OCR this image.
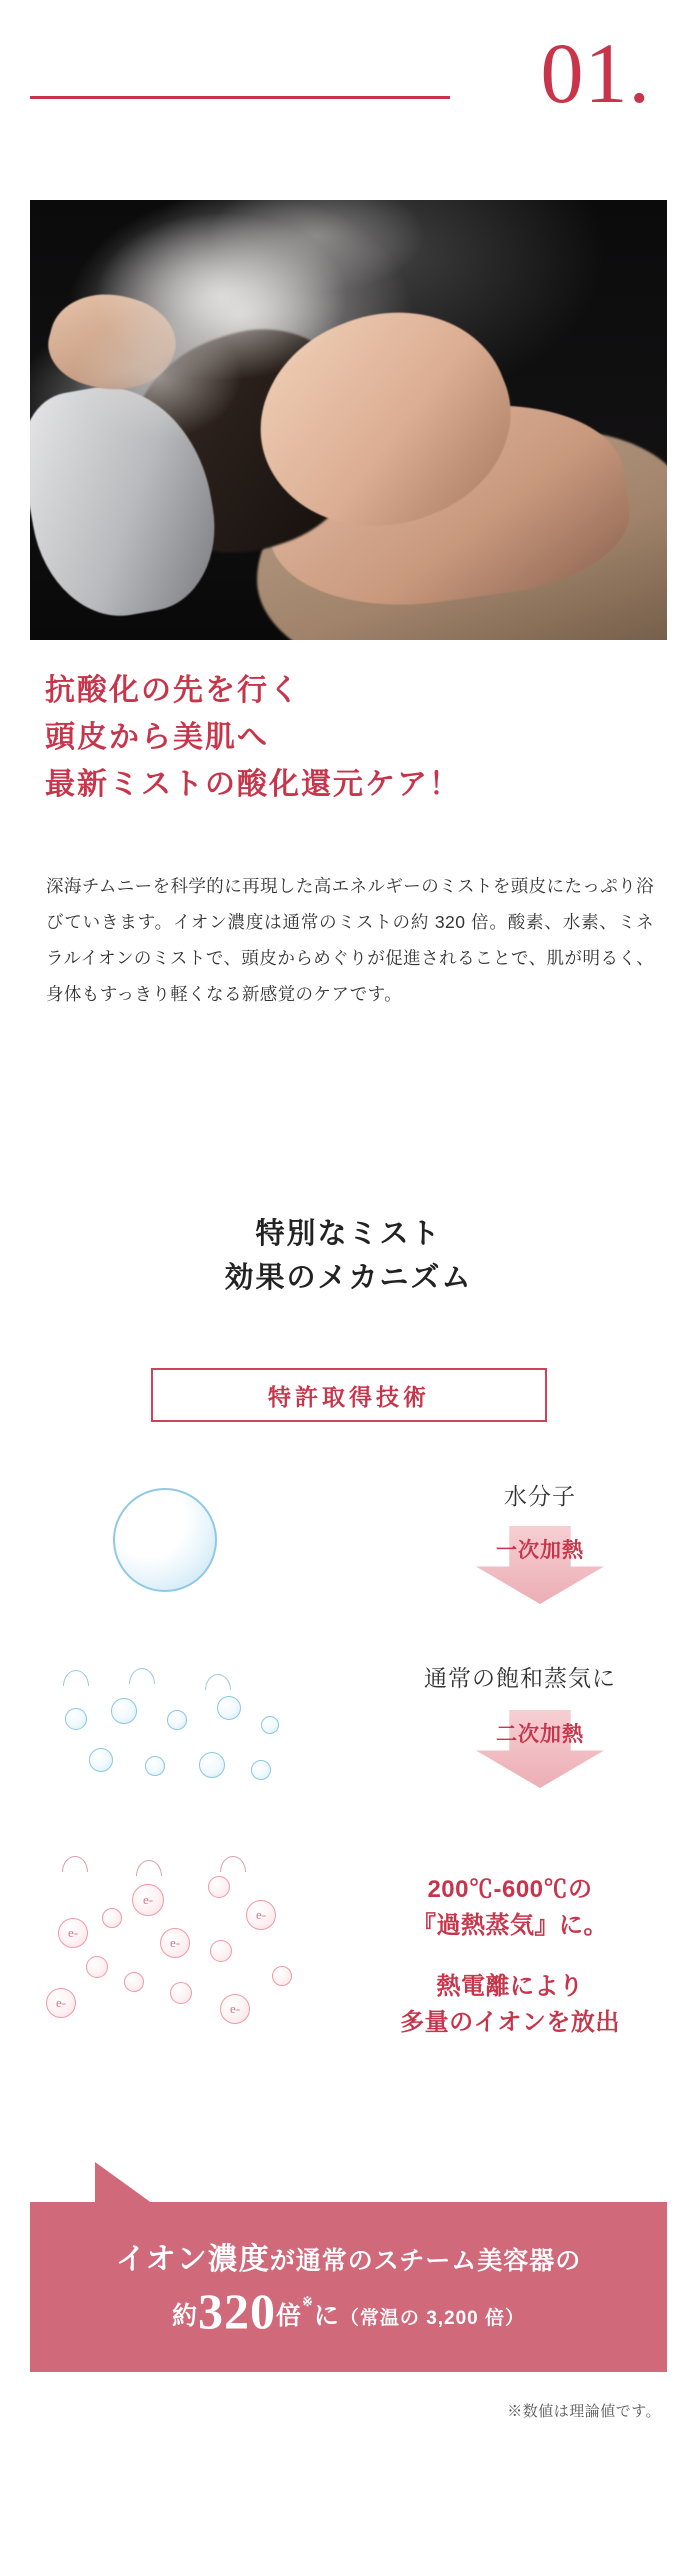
01.
抗酸化の先を行く
頭皮から美肌へ
最新ミストの酸化還元ケア！
深海チムニーを科学的に再現した高エネルギーのミストを頭皮にたっぷり浴びていきます。イオン濃度は通常のミストの約 320 倍。酸素、水素、ミネラルイオンのミストで、頭皮からめぐりが促進されることで、肌が明るく、身体もすっきり軽くなる新感覚のケアです。
特別なミスト
効果のメカニズム
特許取得技術
水分子
一次加熱
通常の飽和蒸気に
二次加熱
e-
e-
e-
e-
e-	e-
200℃-600℃の
『過熱蒸気』に。
熱電離により
多量のイオンを放出
イオン濃度が通常のスチーム美容器の
約320倍※に（常温の 3,200 倍）
※数値は理論値です。
